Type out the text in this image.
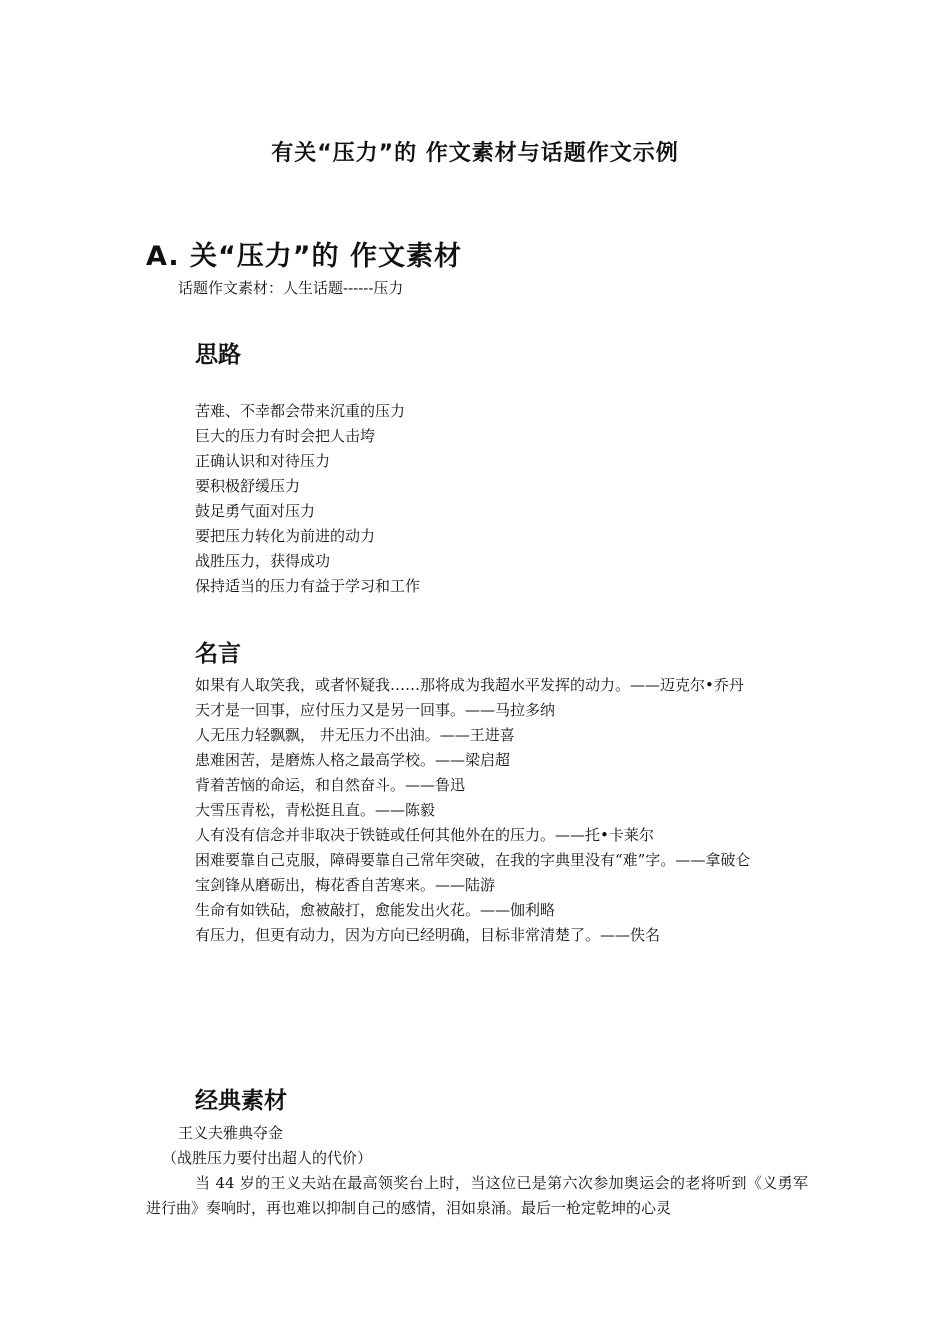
有关“压力”的 作文素材与话题作文示例
A. 关“压力”的 作文素材

话题作文素材：人生话题------压力

思路
苦难、不幸都会带来沉重的压力
巨大的压力有时会把人击垮
正确认识和对待压力
要积极舒缓压力
鼓足勇气面对压力
要把压力转化为前进的动力
战胜压力，获得成功
保持适当的压力有益于学习和工作
名言
如果有人取笑我，或者怀疑我……那将成为我超水平发挥的动力。——迈克尔•乔丹
天才是一回事，应付压力又是另一回事。——马拉多纳
人无压力轻飘飘， 井无压力不出油。——王进喜
患难困苦，是磨炼人格之最高学校。——梁启超
背着苦恼的命运，和自然奋斗。——鲁迅
大雪压青松，青松挺且直。——陈毅
人有没有信念并非取决于铁链或任何其他外在的压力。——托•卡莱尔
困难要靠自己克服，障碍要靠自己常年突破，在我的字典里没有“难”字。——拿破仑
宝剑锋从磨砺出，梅花香自苦寒来。——陆游
生命有如铁砧，愈被敲打，愈能发出火花。——伽利略
有压力，但更有动力，因为方向已经明确，目标非常清楚了。——佚名
经典素材

王义夫雅典夺金

（战胜压力要付出超人的代价）

当 44 岁的王义夫站在最高领奖台上时，当这位已是第六次参加奥运会的老将听到《义勇军进行曲》奏响时，再也难以抑制自己的感情，泪如泉涌。最后一枪定乾坤的心灵
